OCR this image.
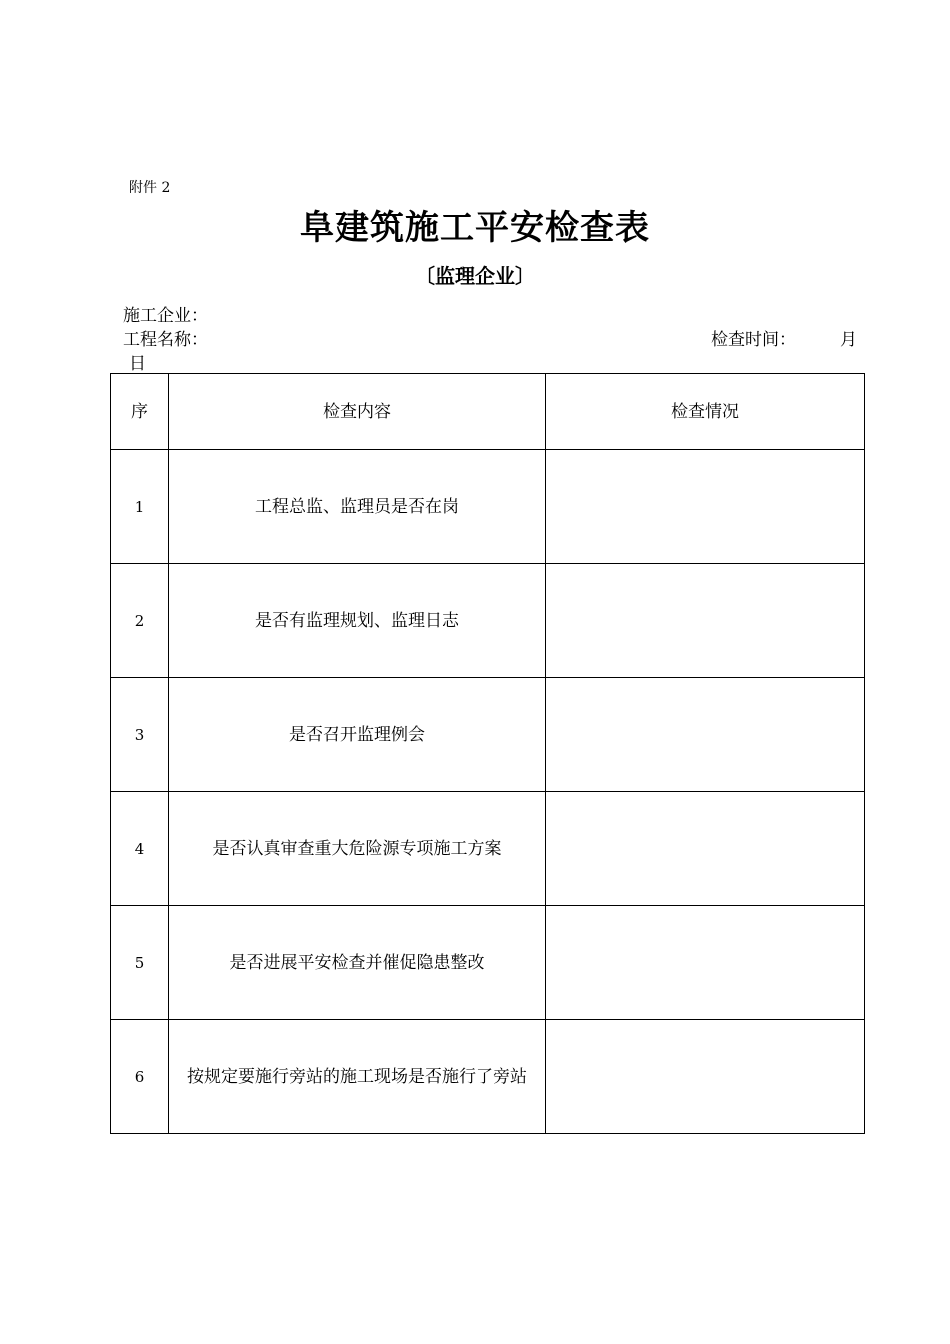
附件 2
阜建筑施工平安检查表
〔监理企业〕
施工企业：
工程名称：	检查时间：	月
日
序	检查内容	检查情况
1	工程总监、监理员是否在岗	
2	是否有监理规划、监理日志	
3	是否召开监理例会	
4	是否认真审查重大危险源专项施工方案	
5	是否进展平安检查并催促隐患整改	
6	按规定要施行旁站的施工现场是否施行了旁站	
